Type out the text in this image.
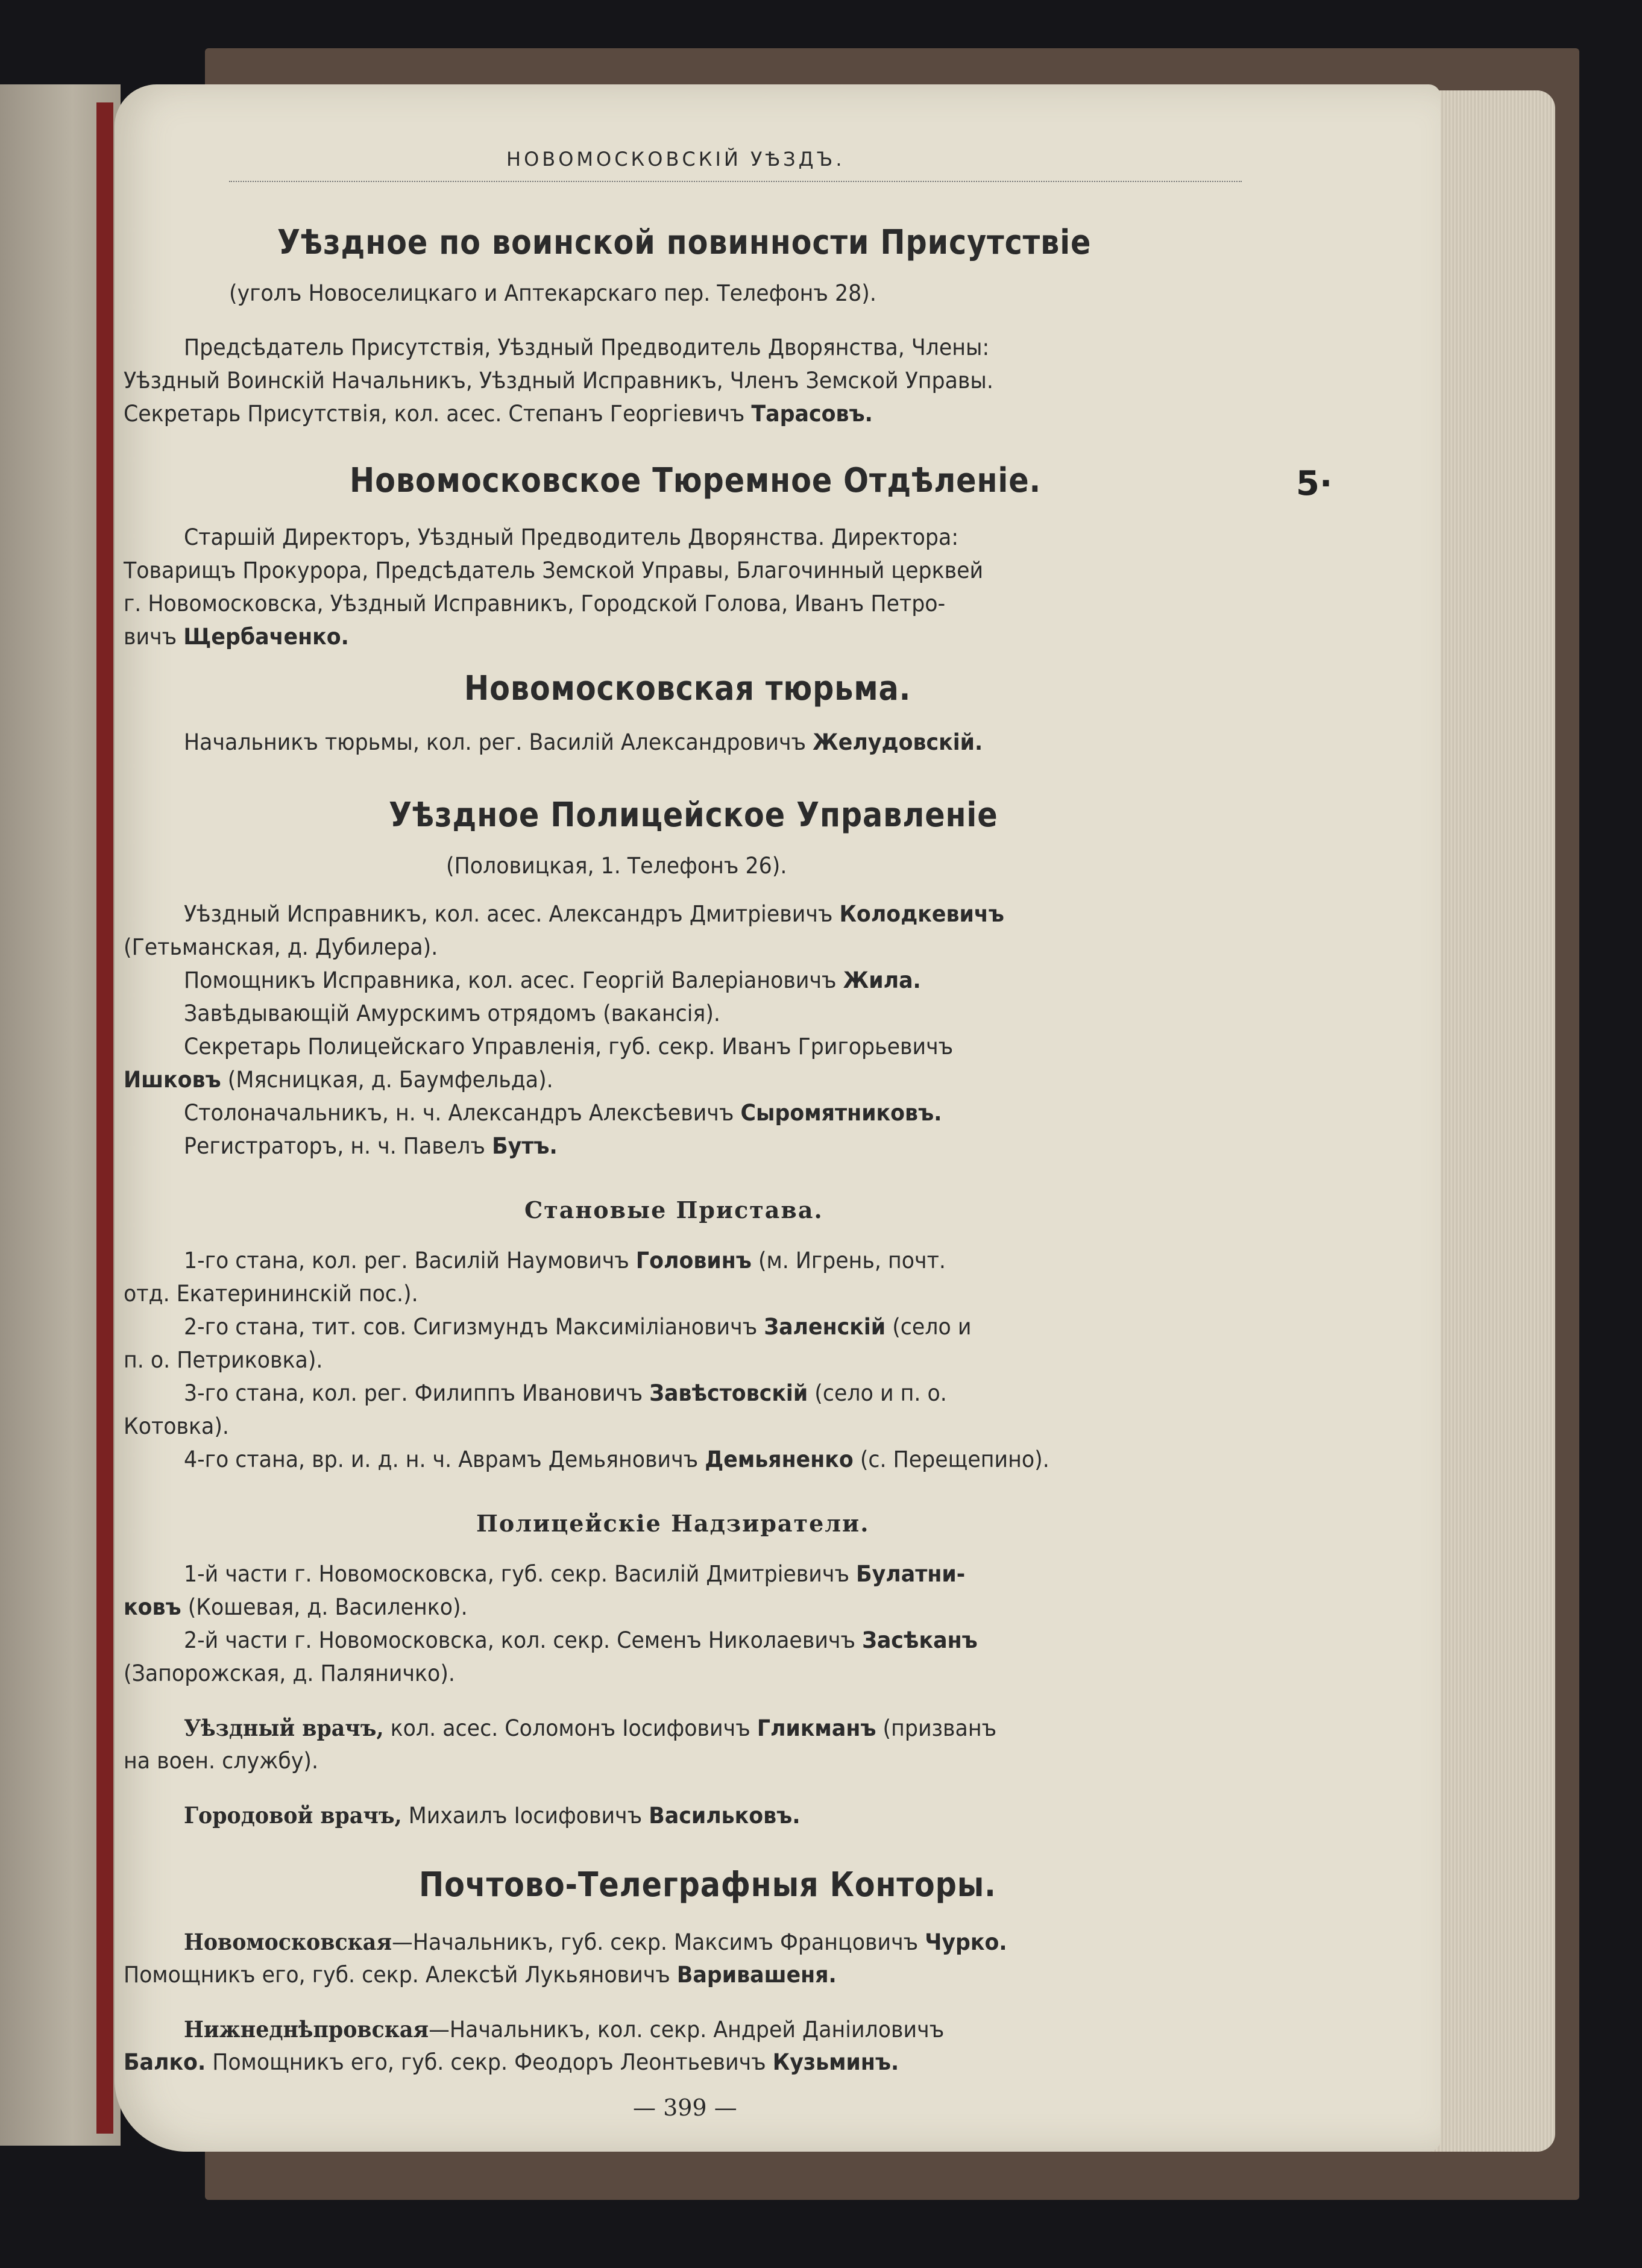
НОВОМОСКОВСКІЙ УѢЗДЪ.

5·

Уѣздное по воинской повинности Присутствіе

(уголъ Новоселицкаго и Аптекарскаго пер. Телефонъ 28).

Предсѣдатель Присутствія, Уѣздный Предводитель Дворянства, Члены:

Уѣздный Воинскій Начальникъ, Уѣздный Исправникъ, Членъ Земской Управы.

Секретарь Присутствія, кол. асес. Степанъ Георгіевичъ Тарасовъ.

Новомосковское Тюремное Отдѣленіе.

Старшій Директоръ, Уѣздный Предводитель Дворянства. Директора:

Товарищъ Прокурора, Предсѣдатель Земской Управы, Благочинный церквей

г. Новомосковска, Уѣздный Исправникъ, Городской Голова, Иванъ Петро-

вичъ Щербаченко.

Новомосковская тюрьма.

Начальникъ тюрьмы, кол. рег. Василій Александровичъ Желудовскій.

Уѣздное Полицейское Управленіе

(Половицкая, 1. Телефонъ 26).

Уѣздный Исправникъ, кол. асес. Александръ Дмитріевичъ Колодкевичъ

(Гетьманская, д. Дубилера).

Помощникъ Исправника, кол. асес. Георгій Валеріановичъ Жила.

Завѣдывающій Амурскимъ отрядомъ (вакансія).

Секретарь Полицейскаго Управленія, губ. секр. Иванъ Григорьевичъ

Ишковъ (Мясницкая, д. Баумфельда).

Столоначальникъ, н. ч. Александръ Алексѣевичъ Сыромятниковъ.

Регистраторъ, н. ч. Павелъ Бутъ.

Становые Пристава.

1-го стана, кол. рег. Василій Наумовичъ Головинъ (м. Игрень, почт.

отд. Екатерининскій пос.).

2-го стана, тит. сов. Сигизмундъ Максиміліановичъ Заленскій (село и

п. о. Петриковка).

3-го стана, кол. рег. Филиппъ Ивановичъ Завѣстовскій (село и п. о.

Котовка).

4-го стана, вр. и. д. н. ч. Аврамъ Демьяновичъ Демьяненко (с. Перещепино).

Полицейскіе Надзиратели.

1-й части г. Новомосковска, губ. секр. Василій Дмитріевичъ Булатни-

ковъ (Кошевая, д. Василенко).

2-й части г. Новомосковска, кол. секр. Семенъ Николаевичъ Засѣканъ

(Запорожская, д. Паляничко).

Уѣздный врачъ, кол. асес. Соломонъ Іосифовичъ Гликманъ (призванъ

на воен. службу).

Городовой врачъ, Михаилъ Іосифовичъ Васильковъ.

Почтово-Телеграфныя Конторы.

Новомосковская—Начальникъ, губ. секр. Максимъ Францовичъ Чурко.

Помощникъ его, губ. секр. Алексѣй Лукьяновичъ Варивашеня.

Нижнеднѣпровская—Начальникъ, кол. секр. Андрей Даніиловичъ

Балко. Помощникъ его, губ. секр. Феодоръ Леонтьевичъ Кузьминъ.

— 399 —
